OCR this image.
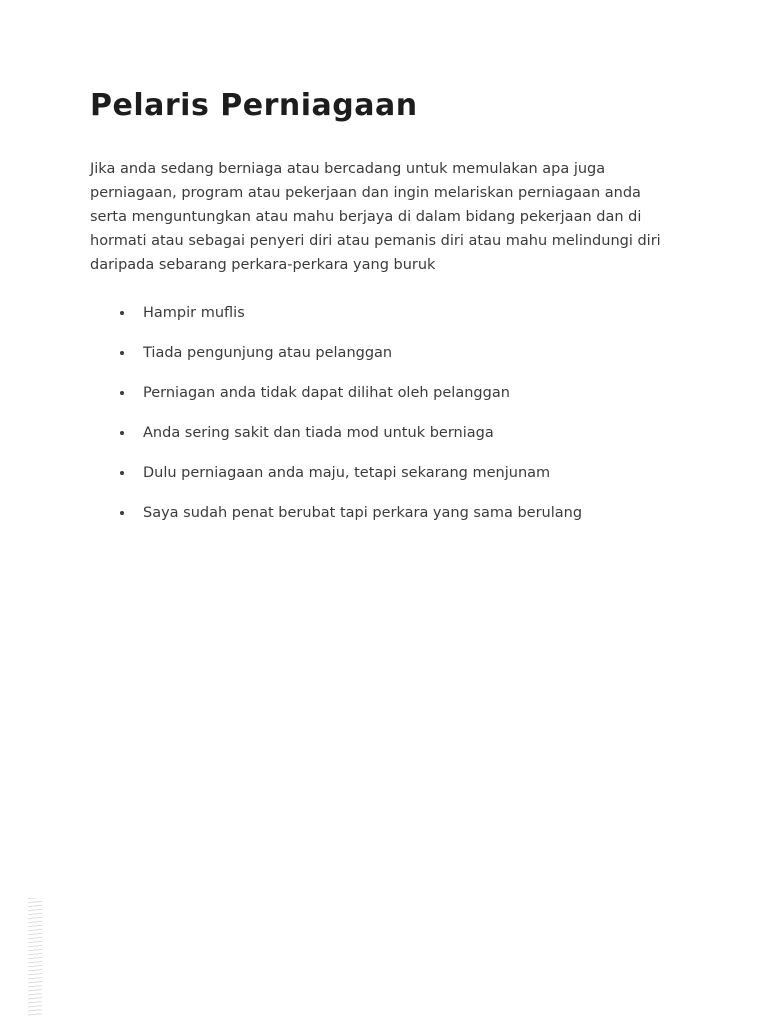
Pelaris Perniagaan

Jika anda sedang berniaga atau bercadang untuk memulakan apa juga perniagaan, program atau pekerjaan dan ingin melariskan perniagaan anda serta menguntungkan atau mahu berjaya di dalam bidang pekerjaan dan di hormati atau sebagai penyeri diri atau pemanis diri atau mahu melindungi diri daripada sebarang perkara-perkara yang buruk

• Hampir muflis
• Tiada pengunjung atau pelanggan
• Perniagan anda tidak dapat dilihat oleh pelanggan
• Anda sering sakit dan tiada mod untuk berniaga
• Dulu perniagaan anda maju, tetapi sekarang menjunam
• Saya sudah penat berubat tapi perkara yang sama berulang
